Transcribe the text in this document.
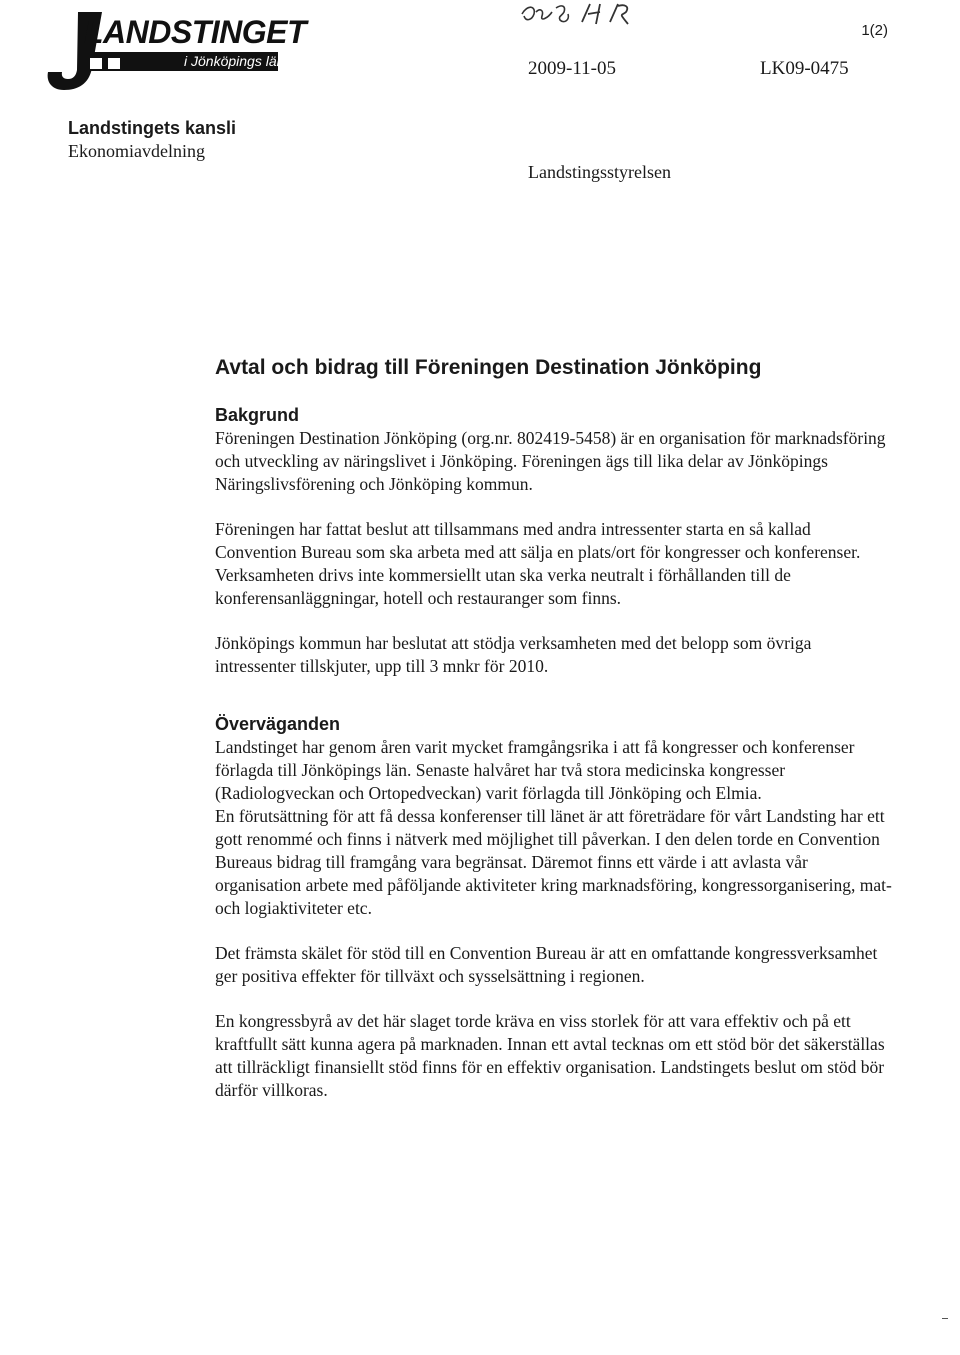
LANDSTINGET
i Jönköpings län
1(2)
2009-11-05	LK09-0475
Landstingets kansli
Ekonomiavdelning
Landstingsstyrelsen
Avtal och bidrag till Föreningen Destination Jönköping
Bakgrund

Föreningen Destination Jönköping (org.nr. 802419-5458) är en organisation för marknadsföring och utveckling av näringslivet i Jönköping. Föreningen ägs till lika delar av Jönköpings Näringslivsförening och Jönköping kommun.

Föreningen har fattat beslut att tillsammans med andra intressenter starta en så kallad Convention Bureau som ska arbeta med att sälja en plats/ort för kongresser och konferenser. Verksamheten drivs inte kommersiellt utan ska verka neutralt i förhållanden till de konferensanläggningar, hotell och restauranger som finns.

Jönköpings kommun har beslutat att stödja verksamheten med det belopp som övriga intressenter tillskjuter, upp till 3 mnkr för 2010.

Överväganden

Landstinget har genom åren varit mycket framgångsrika i att få kongresser och konferenser förlagda till Jönköpings län. Senaste halvåret har två stora medicinska kongresser (Radiologveckan och Ortopedveckan) varit förlagda till Jönköping och Elmia.

En förutsättning för att få dessa konferenser till länet är att företrädare för vårt Landsting har ett gott renommé och finns i nätverk med möjlighet till påverkan. I den delen torde en Convention Bureaus bidrag till framgång vara begränsat. Däremot finns ett värde i att avlasta vår organisation arbete med påföljande aktiviteter kring marknadsföring, kongressorganisering, mat- och logiaktiviteter etc.

Det främsta skälet för stöd till en Convention Bureau är att en omfattande kongressverksamhet ger positiva effekter för tillväxt och sysselsättning i regionen.

En kongressbyrå av det här slaget torde kräva en viss storlek för att vara effektiv och på ett kraftfullt sätt kunna agera på marknaden. Innan ett avtal tecknas om ett stöd bör det säkerställas att tillräckligt finansiellt stöd finns för en effektiv organisation. Landstingets beslut om stöd bör därför villkoras.
